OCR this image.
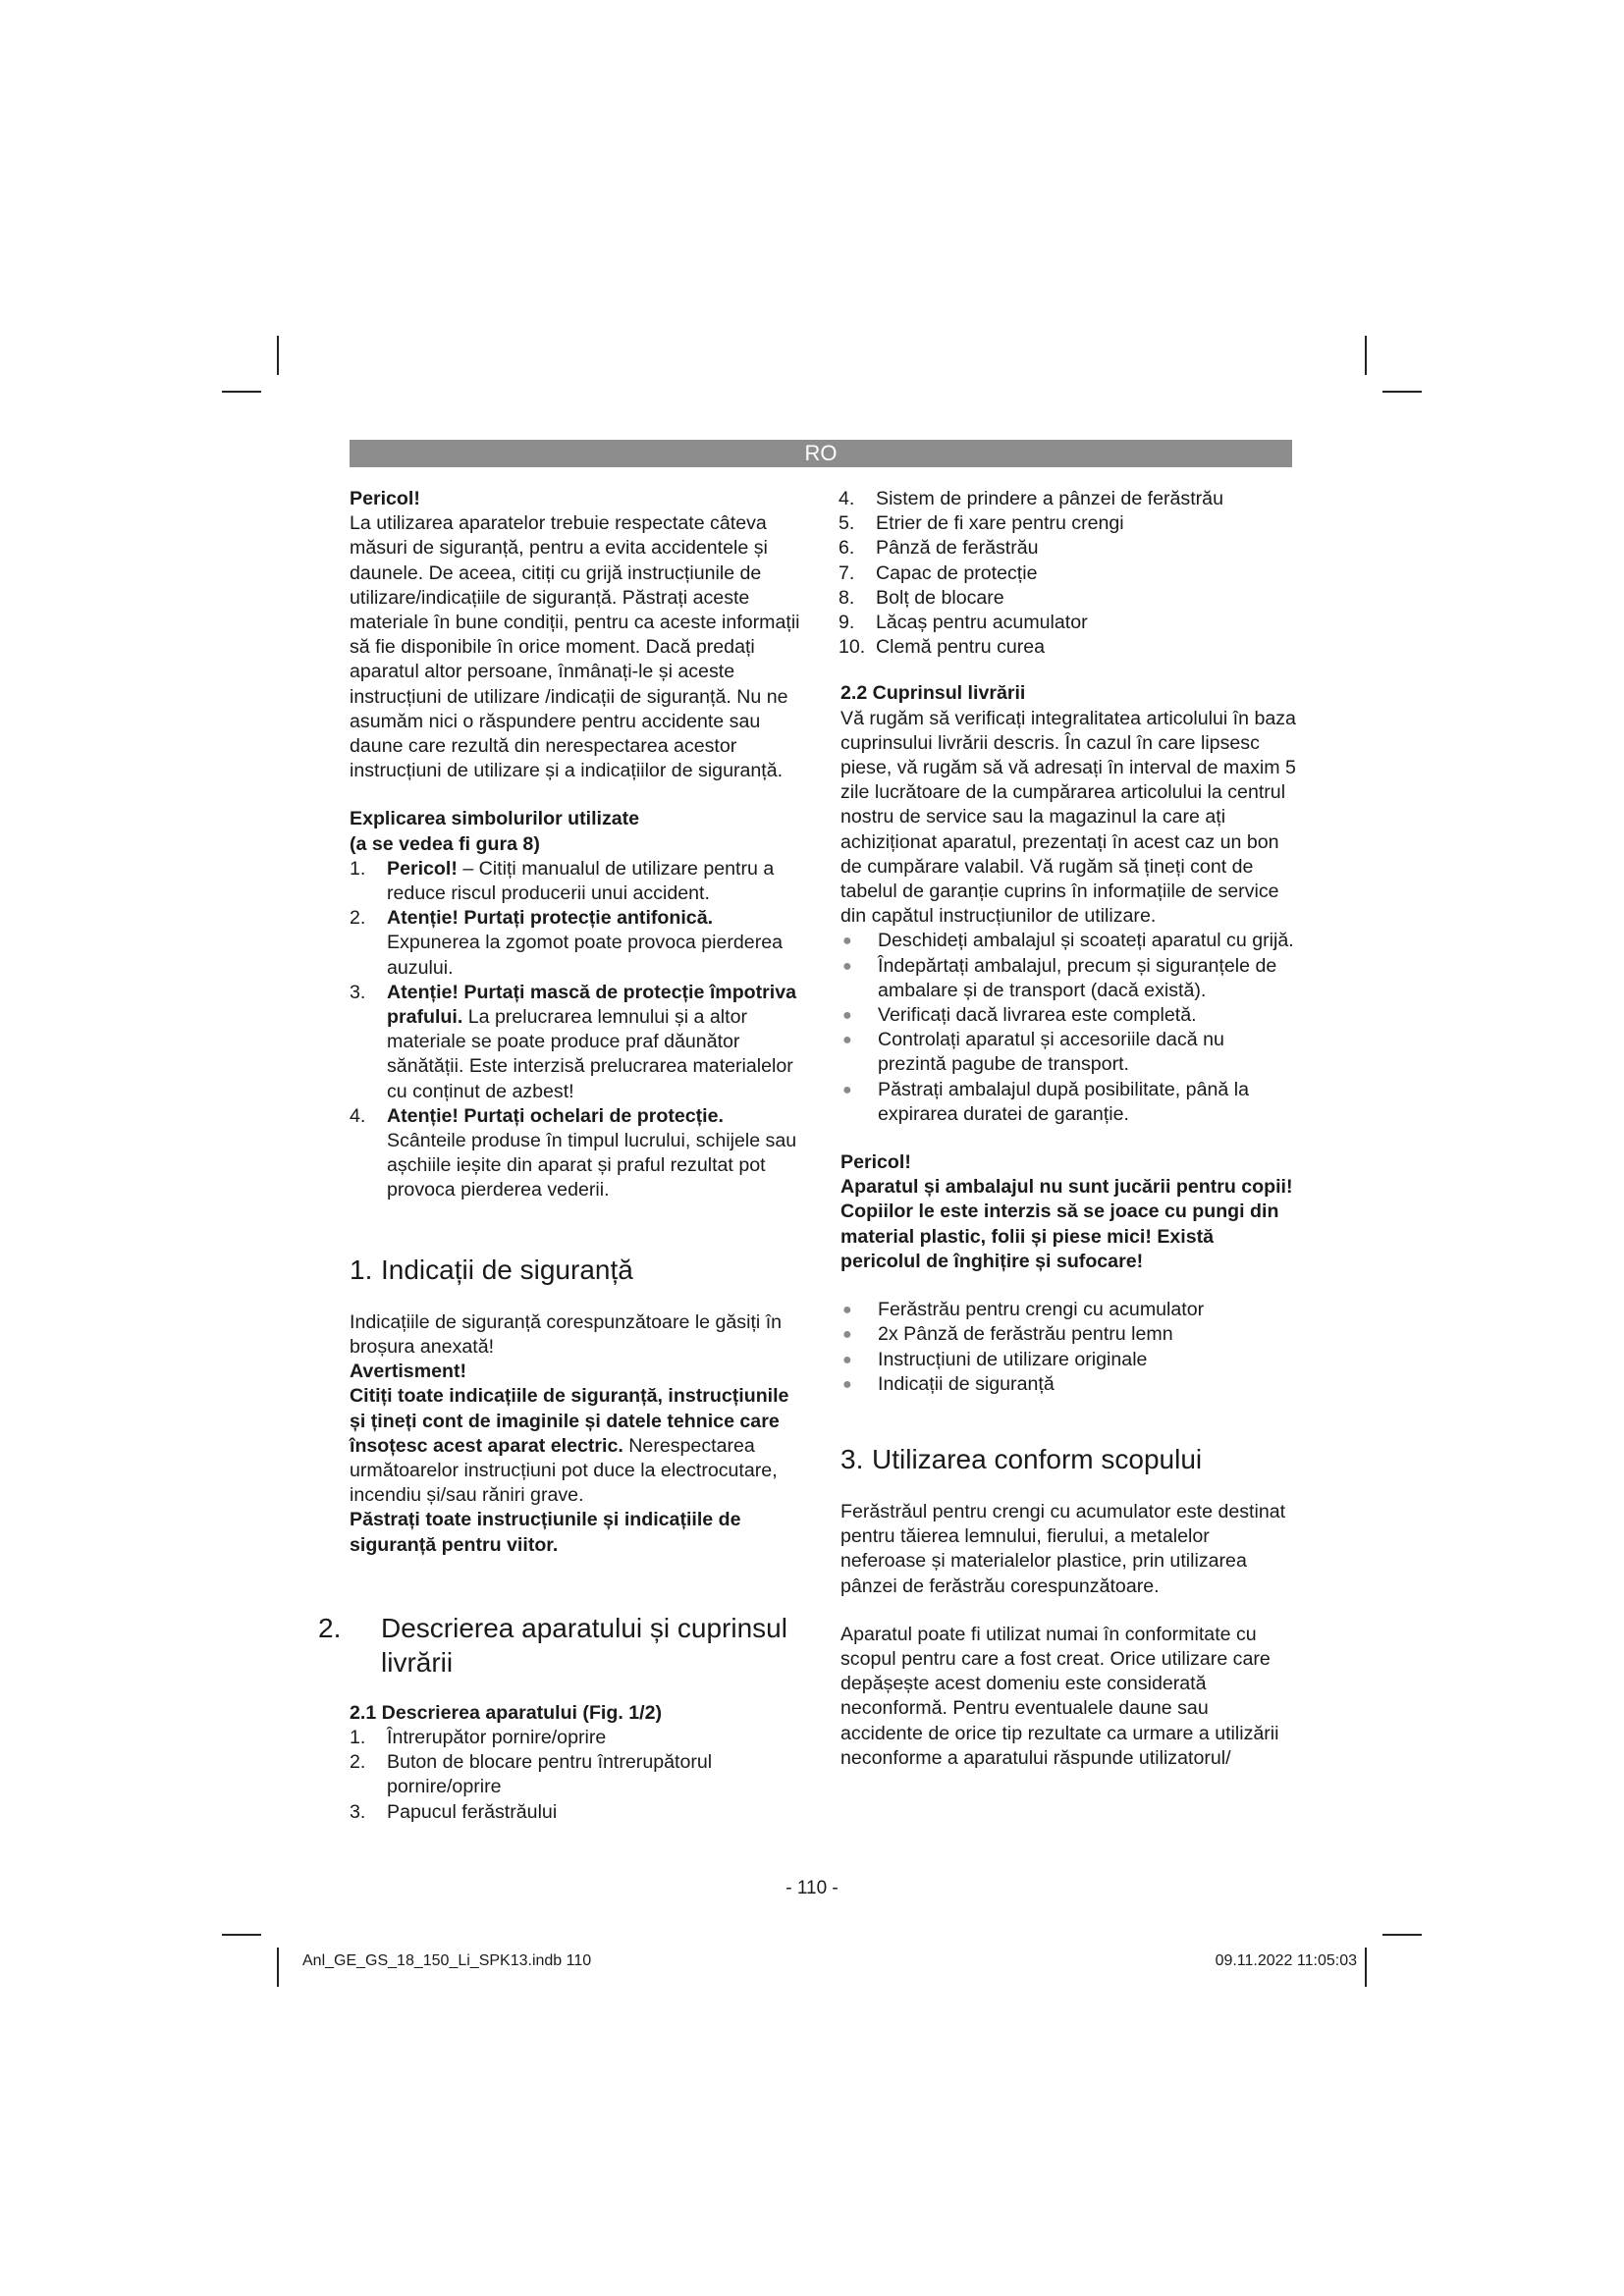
RO

Pericol!

La utilizarea aparatelor trebuie respectate câteva măsuri de siguranță, pentru a evita accidentele și daunele. De aceea, citiți cu grijă instrucțiunile de utilizare/indicațiile de siguranță. Păstrați aceste materiale în bune condiții, pentru ca aceste informații să fie disponibile în orice moment. Dacă predați aparatul altor persoane, înmânați-le și aceste instrucțiuni de utilizare /indicații de siguranță. Nu ne asumăm nici o răspundere pentru accidente sau daune care rezultă din nerespectarea acestor instrucțiuni de utilizare și a indicațiilor de siguranță.

Explicarea simbolurilor utilizate

(a se vedea fi gura 8)

1. Pericol! – Citiți manualul de utilizare pentru a reduce riscul producerii unui accident.
2. Atenție! Purtați protecție antifonică. Expunerea la zgomot poate provoca pierderea auzului.
3. Atenție! Purtați mască de protecție împotriva prafului. La prelucrarea lemnului și a altor materiale se poate produce praf dăunător sănătății. Este interzisă prelucrarea materialelor cu conținut de azbest!
4. Atenție! Purtați ochelari de protecție. Scânteile produse în timpul lucrului, schijele sau așchiile ieșite din aparat și praful rezultat pot provoca pierderea vederii.
1. Indicații de siguranță

Indicațiile de siguranță corespunzătoare le găsiți în broșura anexată!

Avertisment!

Citiți toate indicațiile de siguranță, instrucțiunile și țineți cont de imaginile și datele tehnice care însoțesc acest aparat electric. Nerespectarea următoarelor instrucțiuni pot duce la electrocutare, incendiu și/sau răniri grave.

Păstrați toate instrucțiunile și indicațiile de siguranță pentru viitor.

2. Descrierea aparatului și cuprinsul livrării

2.1 Descrierea aparatului (Fig. 1/2)

1. Întrerupător pornire/oprire
2. Buton de blocare pentru întrerupătorul pornire/oprire
3. Papucul ferăstrăului
4. Sistem de prindere a pânzei de ferăstrău
5. Etrier de fi xare pentru crengi
6. Pânză de ferăstrău
7. Capac de protecție
8. Bolț de blocare
9. Lăcaș pentru acumulator
10. Clemă pentru curea

2.2 Cuprinsul livrării

Vă rugăm să verificați integralitatea articolului în baza cuprinsului livrării descris. În cazul în care lipsesc piese, vă rugăm să vă adresați în interval de maxim 5 zile lucrătoare de la cumpărarea articolului la centrul nostru de service sau la magazinul la care ați achiziționat aparatul, prezentați în acest caz un bon de cumpărare valabil. Vă rugăm să țineți cont de tabelul de garanție cuprins în informațiile de service din capătul instrucțiunilor de utilizare.

● Deschideți ambalajul și scoateți aparatul cu grijă.
● Îndepărtați ambalajul, precum și siguranțele de ambalare și de transport (dacă există).
● Verificați dacă livrarea este completă.
● Controlați aparatul și accesoriile dacă nu prezintă pagube de transport.
● Păstrați ambalajul după posibilitate, până la expirarea duratei de garanție.

Pericol!

Aparatul și ambalajul nu sunt jucării pentru copii! Copiilor le este interzis să se joace cu pungi din material plastic, folii și piese mici! Există pericolul de înghițire și sufocare!

● Ferăstrău pentru crengi cu acumulator
● 2x Pânză de ferăstrău pentru lemn
● Instrucțiuni de utilizare originale
● Indicații de siguranță
3. Utilizarea conform scopului

Ferăstrăul pentru crengi cu acumulator este destinat pentru tăierea lemnului, fierului, a metalelor neferoase și materialelor plastice, prin utilizarea pânzei de ferăstrău corespunzătoare.

Aparatul poate fi utilizat numai în conformitate cu scopul pentru care a fost creat. Orice utilizare care depășește acest domeniu este considerată neconformă. Pentru eventualele daune sau accidente de orice tip rezultate ca urmare a utilizării neconforme a aparatului răspunde utilizatorul/

- 110 -
Anl_GE_GS_18_150_Li_SPK13.indb 110	09.11.2022 11:05:03
